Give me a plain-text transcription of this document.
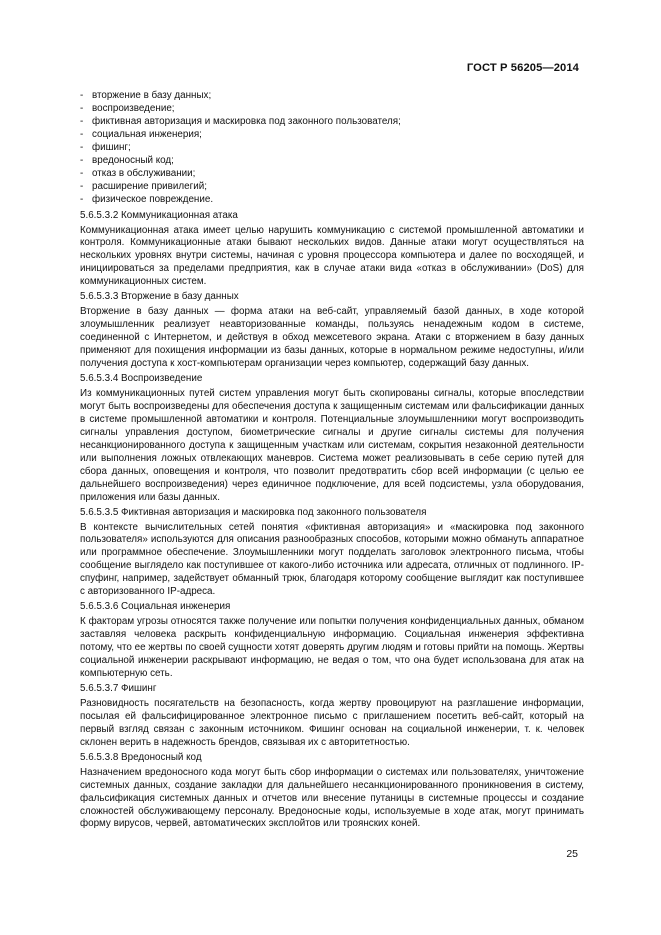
ГОСТ Р 56205—2014
- вторжение в базу данных;
- воспроизведение;
- фиктивная авторизация и маскировка под законного пользователя;
- социальная инженерия;
- фишинг;
- вредоносный код;
- отказ в обслуживании;
- расширение привилегий;
- физическое повреждение.
5.6.5.3.2 Коммуникационная атака
Коммуникационная атака имеет целью нарушить коммуникацию с системой промышленной автоматики и контроля. Коммуникационные атаки бывают нескольких видов. Данные атаки могут осуществляться на нескольких уровнях внутри системы, начиная с уровня процессора компьютера и далее по восходящей, и инициироваться за пределами предприятия, как в случае атаки вида «отказ в обслуживании» (DoS) для коммуникационных систем.
5.6.5.3.3 Вторжение в базу данных
Вторжение в базу данных — форма атаки на веб-сайт, управляемый базой данных, в ходе которой злоумышленник реализует неавторизованные команды, пользуясь ненадежным кодом в системе, соединенной с Интернетом, и действуя в обход межсетевого экрана. Атаки с вторжением в базу данных применяют для похищения информации из базы данных, которые в нормальном режиме недоступны, и/или получения доступа к хост-компьютерам организации через компьютер, содержащий базу данных.
5.6.5.3.4 Воспроизведение
Из коммуникационных путей систем управления могут быть скопированы сигналы, которые впоследствии могут быть воспроизведены для обеспечения доступа к защищенным системам или фальсификации данных в системе промышленной автоматики и контроля. Потенциальные злоумышленники могут воспроизводить сигналы управления доступом, биометрические сигналы и другие сигналы системы для получения несанкционированного доступа к защищенным участкам или системам, сокрытия незаконной деятельности или выполнения ложных отвлекающих маневров. Система может реализовывать в себе серию путей для сбора данных, оповещения и контроля, что позволит предотвратить сбор всей информации (с целью ее дальнейшего воспроизведения) через единичное подключение, для всей подсистемы, узла оборудования, приложения или базы данных.
5.6.5.3.5 Фиктивная авторизация и маскировка под законного пользователя
В контексте вычислительных сетей понятия «фиктивная авторизация» и «маскировка под законного пользователя» используются для описания разнообразных способов, которыми можно обмануть аппаратное или программное обеспечение. Злоумышленники могут подделать заголовок электронного письма, чтобы сообщение выглядело как поступившее от какого-либо источника или адресата, отличных от подлинного. IP-спуфинг, например, задействует обманный трюк, благодаря которому сообщение выглядит как поступившее с авторизованного IP-адреса.
5.6.5.3.6 Социальная инженерия
К факторам угрозы относятся также получение или попытки получения конфиденциальных данных, обманом заставляя человека раскрыть конфиденциальную информацию. Социальная инженерия эффективна потому, что ее жертвы по своей сущности хотят доверять другим людям и готовы прийти на помощь. Жертвы социальной инженерии раскрывают информацию, не ведая о том, что она будет использована для атак на компьютерную сеть.
5.6.5.3.7 Фишинг
Разновидность посягательств на безопасность, когда жертву провоцируют на разглашение информации, посылая ей фальсифицированное электронное письмо с приглашением посетить веб-сайт, который на первый взгляд связан с законным источником. Фишинг основан на социальной инженерии, т. к. человек склонен верить в надежность брендов, связывая их с авторитетностью.
5.6.5.3.8 Вредоносный код
Назначением вредоносного кода могут быть сбор информации о системах или пользователях, уничтожение системных данных, создание закладки для дальнейшего несанкционированного проникновения в систему, фальсификация системных данных и отчетов или внесение путаницы в системные процессы и создание сложностей обслуживающему персоналу. Вредоносные коды, используемые в ходе атак, могут принимать форму вирусов, червей, автоматических эксплойтов или троянских коней.
25
